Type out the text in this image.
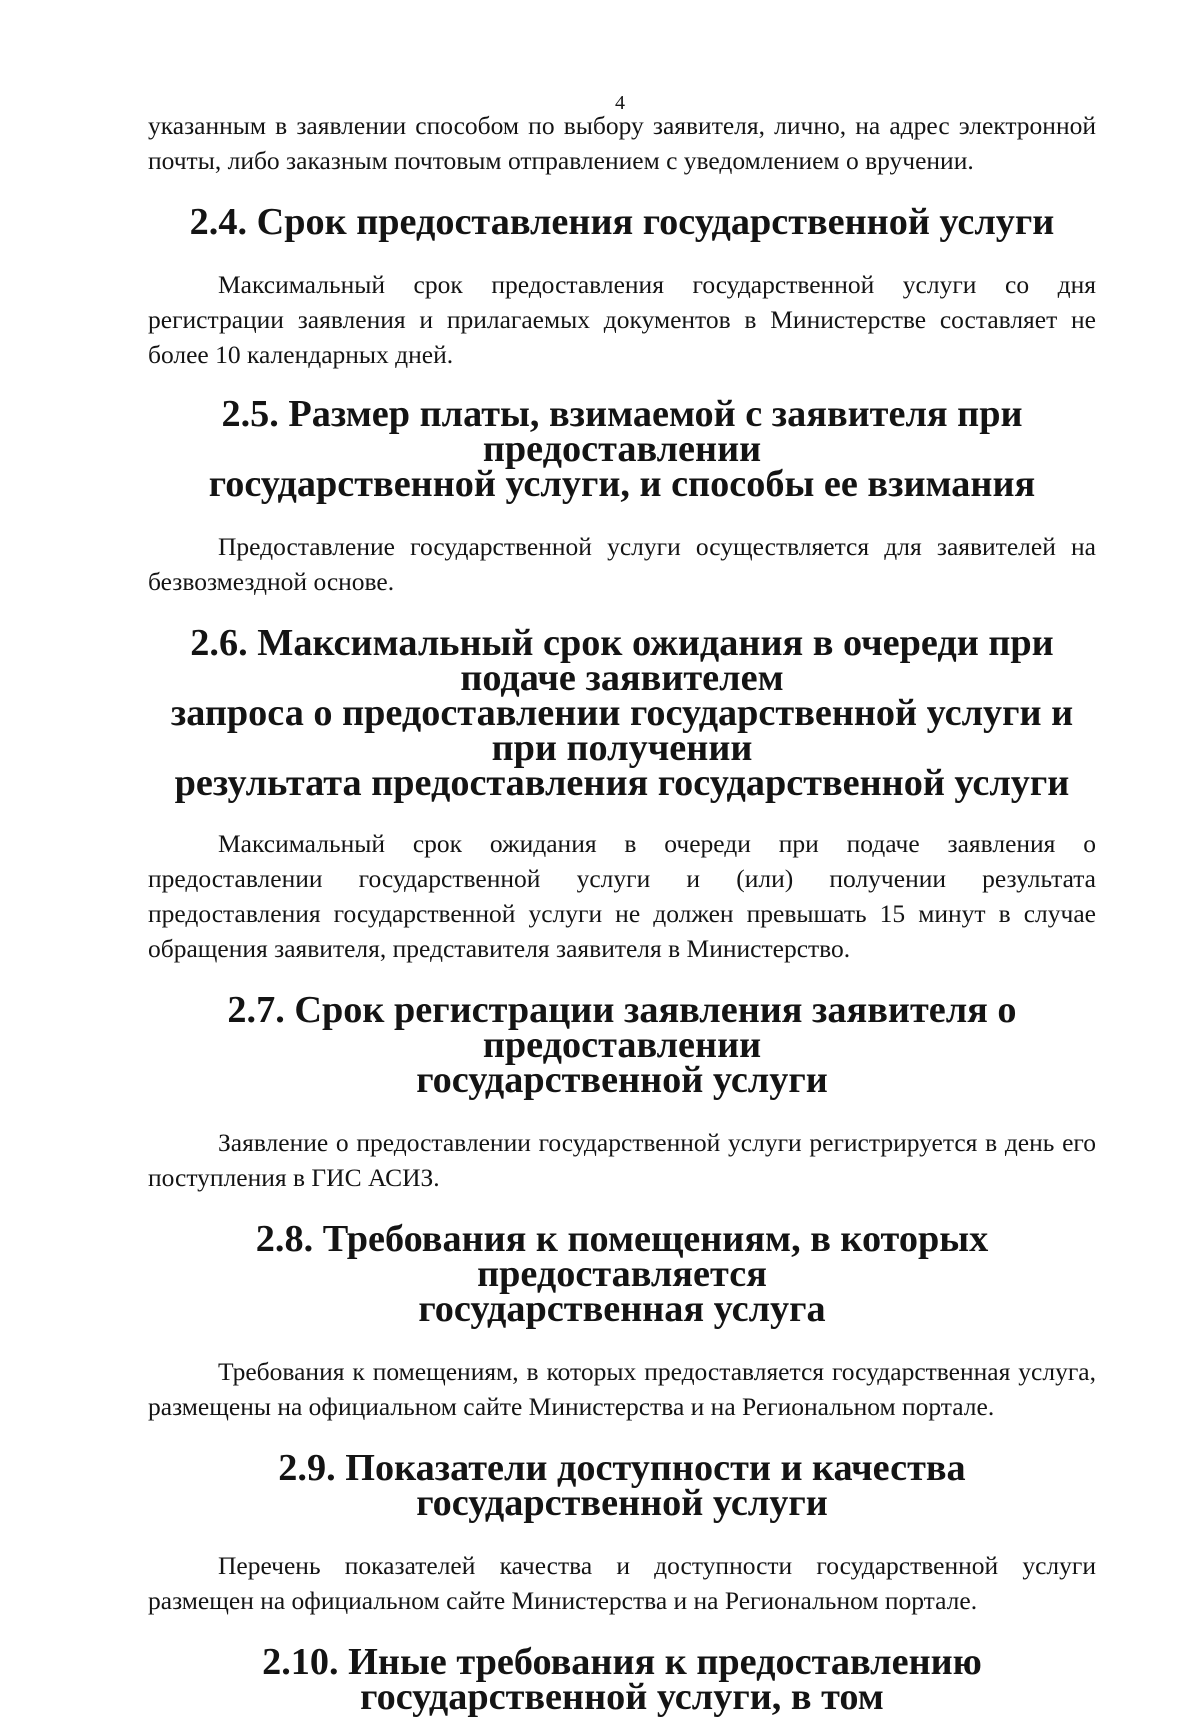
4

указанным в заявлении способом по выбору заявителя, лично, на адрес электронной почты, либо заказным почтовым отправлением с уведомлением о вручении.

2.4. Срок предоставления государственной услуги

Максимальный срок предоставления государственной услуги со дня регистрации заявления и прилагаемых документов в Министерстве составляет не более 10 календарных дней.

2.5. Размер платы, взимаемой с заявителя при предоставлении
государственной услуги, и способы ее взимания

Предоставление государственной услуги осуществляется для заявителей на безвозмездной основе.

2.6. Максимальный срок ожидания в очереди при подаче заявителем
запроса о предоставлении государственной услуги и при получении
результата предоставления государственной услуги

Максимальный срок ожидания в очереди при подаче заявления о предоставлении государственной услуги и (или) получении результата предоставления государственной услуги не должен превышать 15 минут в случае обращения заявителя, представителя заявителя в Министерство.

2.7. Срок регистрации заявления заявителя о предоставлении
государственной услуги

Заявление о предоставлении государственной услуги регистрируется в день его поступления в ГИС АСИЗ.

2.8. Требования к помещениям, в которых предоставляется
государственная услуга

Требования к помещениям, в которых предоставляется государственная услуга, размещены на официальном сайте Министерства и на Региональном портале.

2.9. Показатели доступности и качества государственной услуги

Перечень показателей качества и доступности государственной услуги размещен на официальном сайте Министерства и на Региональном портале.

2.10. Иные требования к предоставлению государственной услуги, в том
